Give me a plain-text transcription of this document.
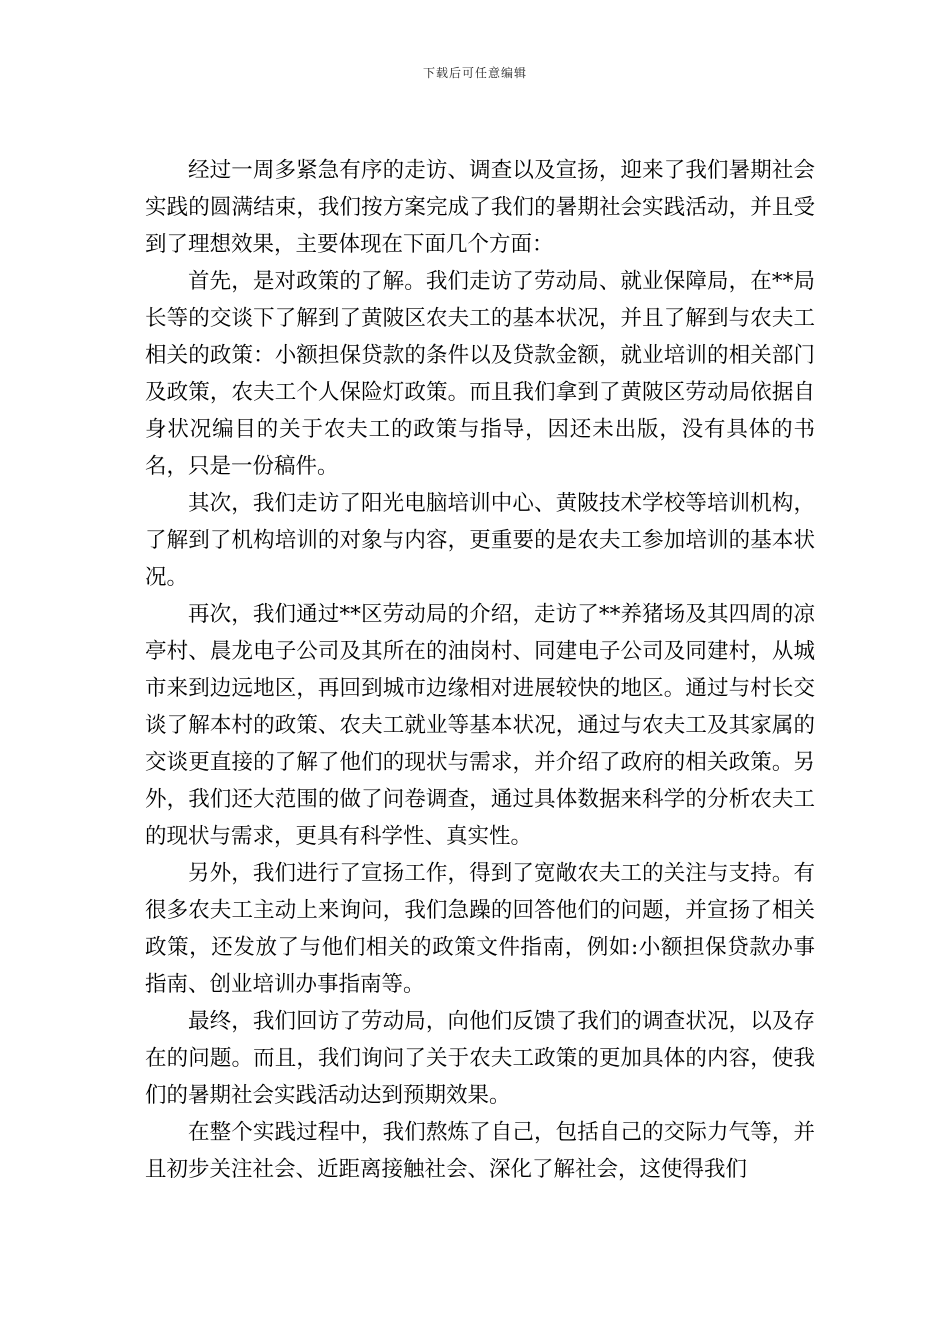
下载后可任意编辑

经过一周多紧急有序的走访、调查以及宣扬，迎来了我们暑期社会实践的圆满结束，我们按方案完成了我们的暑期社会实践活动，并且受到了理想效果，主要体现在下面几个方面：

首先，是对政策的了解。我们走访了劳动局、就业保障局，在**局长等的交谈下了解到了黄陂区农夫工的基本状况，并且了解到与农夫工相关的政策：小额担保贷款的条件以及贷款金额，就业培训的相关部门及政策，农夫工个人保险灯政策。而且我们拿到了黄陂区劳动局依据自身状况编目的关于农夫工的政策与指导，因还未出版，没有具体的书名，只是一份稿件。

其次，我们走访了阳光电脑培训中心、黄陂技术学校等培训机构，了解到了机构培训的对象与内容，更重要的是农夫工参加培训的基本状况。

再次，我们通过**区劳动局的介绍，走访了**养猪场及其四周的凉亭村、晨龙电子公司及其所在的油岗村、同建电子公司及同建村，从城市来到边远地区，再回到城市边缘相对进展较快的地区。通过与村长交谈了解本村的政策、农夫工就业等基本状况，通过与农夫工及其家属的交谈更直接的了解了他们的现状与需求，并介绍了政府的相关政策。另外，我们还大范围的做了问卷调查，通过具体数据来科学的分析农夫工的现状与需求，更具有科学性、真实性。

另外，我们进行了宣扬工作，得到了宽敞农夫工的关注与支持。有很多农夫工主动上来询问，我们急躁的回答他们的问题，并宣扬了相关政策，还发放了与他们相关的政策文件指南，例如:小额担保贷款办事指南、创业培训办事指南等。

最终，我们回访了劳动局，向他们反馈了我们的调查状况，以及存在的问题。而且，我们询问了关于农夫工政策的更加具体的内容，使我们的暑期社会实践活动达到预期效果。

在整个实践过程中，我们熬炼了自己，包括自己的交际力气等，并且初步关注社会、近距离接触社会、深化了解社会，这使得我们
